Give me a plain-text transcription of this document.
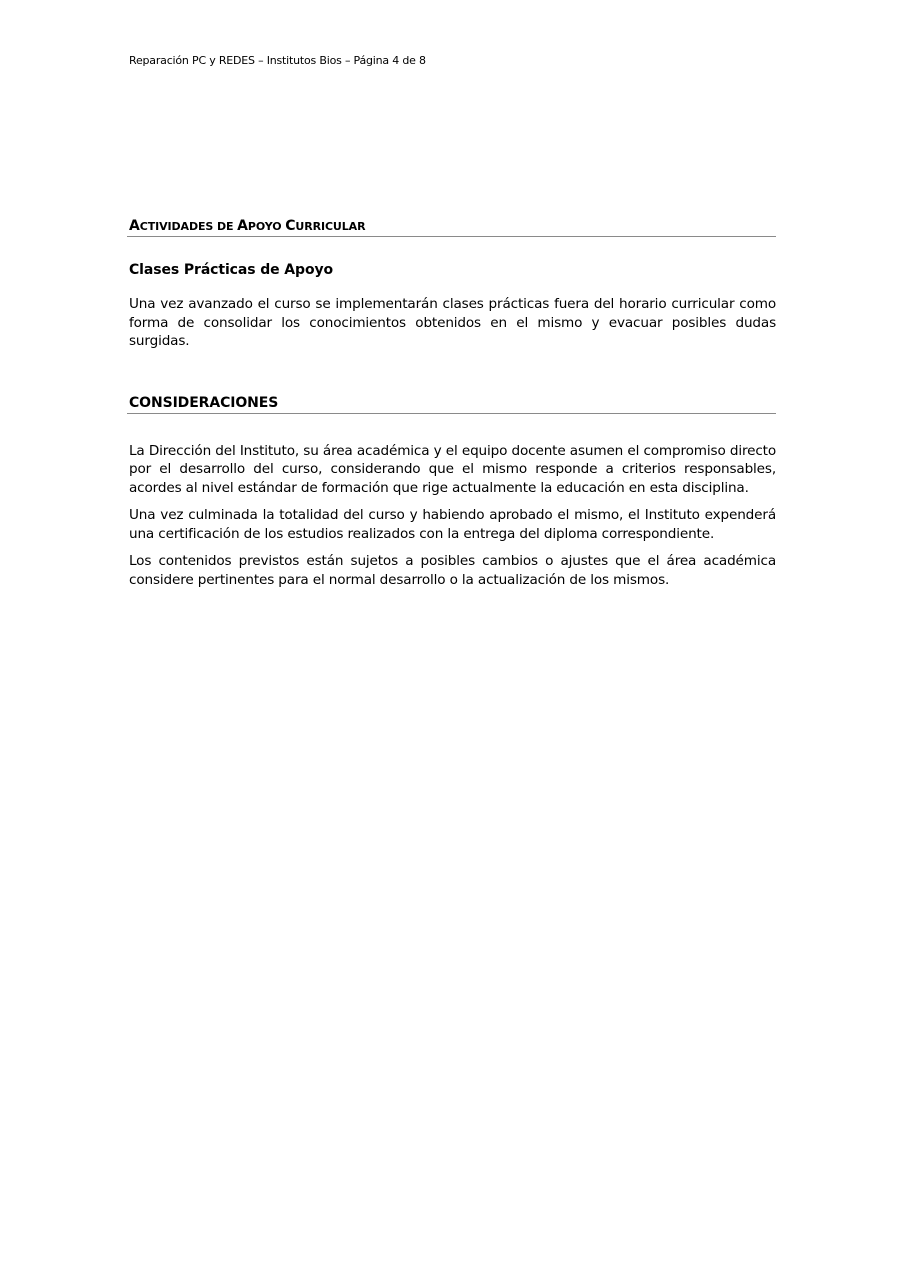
Reparación PC y REDES – Institutos Bios – Página 4 de 8
ACTIVIDADES DE APOYO CURRICULAR
Clases Prácticas de Apoyo

Una vez avanzado el curso se implementarán clases prácticas fuera del horario curricular como forma de consolidar los conocimientos obtenidos en el mismo y evacuar posibles dudas surgidas.

CONSIDERACIONES

La Dirección del Instituto, su área académica y el equipo docente asumen el compromiso directo por el desarrollo del curso, considerando que el mismo responde a criterios responsables, acordes al nivel estándar de formación que rige actualmente la educación en esta disciplina.

Una vez culminada la totalidad del curso y habiendo aprobado el mismo, el Instituto expenderá una certificación de los estudios realizados con la entrega del diploma correspondiente.

Los contenidos previstos están sujetos a posibles cambios o ajustes que el área académica considere pertinentes para el normal desarrollo o la actualización de los mismos.
